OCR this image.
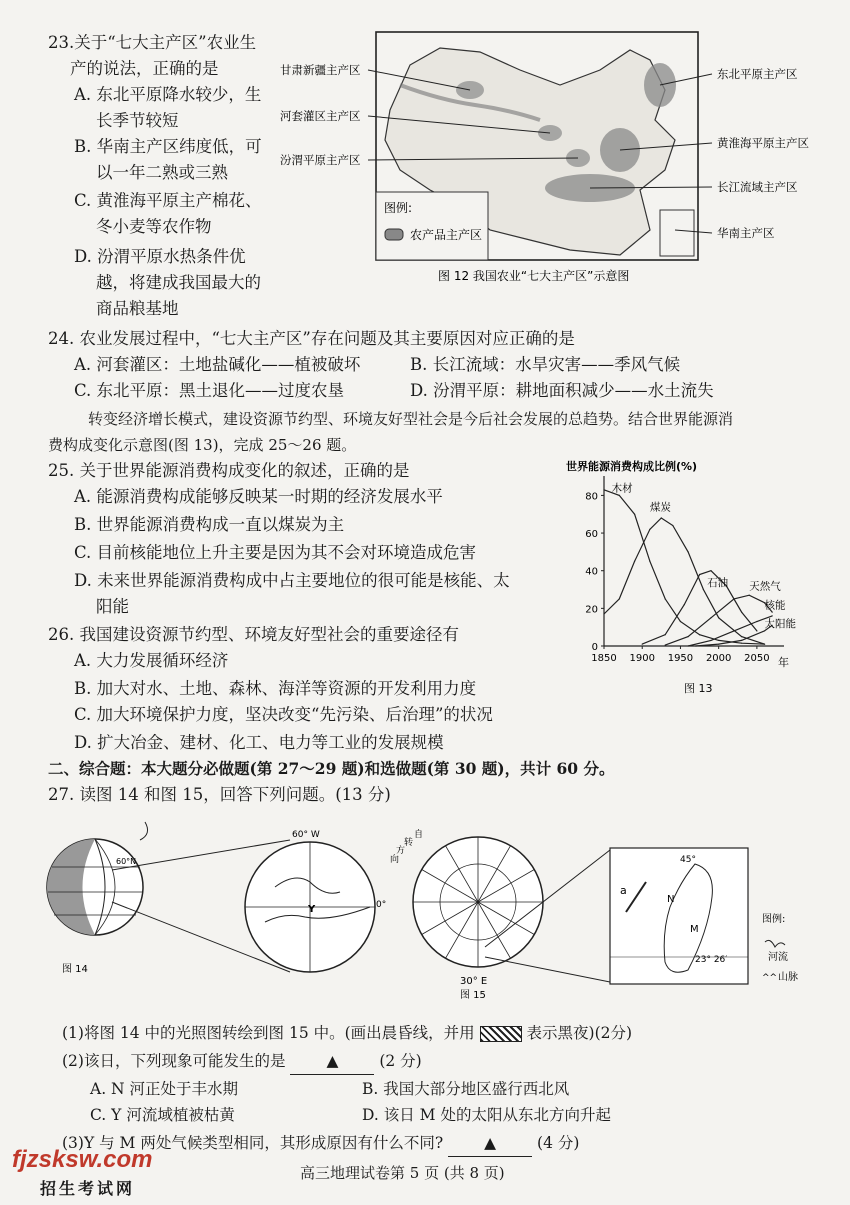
23.关于“七大主产区”农业生
产的说法，正确的是
A. 东北平原降水较少，生
长季节较短
B. 华南主产区纬度低，可
以一年二熟或三熟
C. 黄淮海平原主产棉花、
冬小麦等农作物
D. 汾渭平原水热条件优
越，将建成我国最大的
商品粮基地
图例:
农产品主产区
甘肃新疆主产区
河套灌区主产区
汾渭平原主产区
东北平原主产区
黄淮海平原主产区
长江流域主产区
华南主产区
图 12 我国农业“七大主产区”示意图
24. 农业发展过程中，“七大主产区”存在问题及其主要原因对应正确的是
A. 河套灌区：土地盐碱化——植被破坏	B. 长江流域：水旱灾害——季风气候
C. 东北平原：黑土退化——过度农垦	D. 汾渭平原：耕地面积减少——水土流失
转变经济增长模式，建设资源节约型、环境友好型社会是今后社会发展的总趋势。结合世界能源消
费构成变化示意图(图 13)，完成 25～26 题。
25. 关于世界能源消费构成变化的叙述，正确的是
A. 能源消费构成能够反映某一时期的经济发展水平
B. 世界能源消费构成一直以煤炭为主
C. 目前核能地位上升主要是因为其不会对环境造成危害
D. 未来世界能源消费构成中占主要地位的很可能是核能、太
阳能
世界能源消费构成比例(%)
0
20
40
60
80
1850 1900 1950 2000 2050
木材
煤炭
石油 天然气
核能
太阳能
年
图 13
26. 我国建设资源节约型、环境友好型社会的重要途径有
A. 大力发展循环经济
B. 加大对水、土地、森林、海洋等资源的开发利用力度
C. 加大环境保护力度，坚决改变“先污染、后治理”的状况
D. 扩大冶金、建材、化工、电力等工业的发展规模
二、综合题：本大题分必做题(第 27～29 题)和选做题(第 30 题)，共计 60 分。
27. 读图 14 和图 15，回答下列问题。(13 分)
60°N
图 14
60° W
0°
Y
自
转
方
向
30° E
图 15
a
N
M
45°
23° 26′
图例:
河流
^^ 山脉
(1)将图 14 中的光照图转绘到图 15 中。(画出晨昏线，并用	表示黑夜)(2分)
(2)该日，下列现象可能发生的是	▲	(2 分)
A. N 河正处于丰水期	B. 我国大部分地区盛行西北风
C. Y 河流域植被枯黄	D. 该日 M 处的太阳从东北方向升起
(3)Y 与 M 两处气候类型相同，其形成原因有什么不同?	▲	(4 分)
高三地理试卷第 5 页 (共 8 页)
fjzsksw.com
招生考试网
